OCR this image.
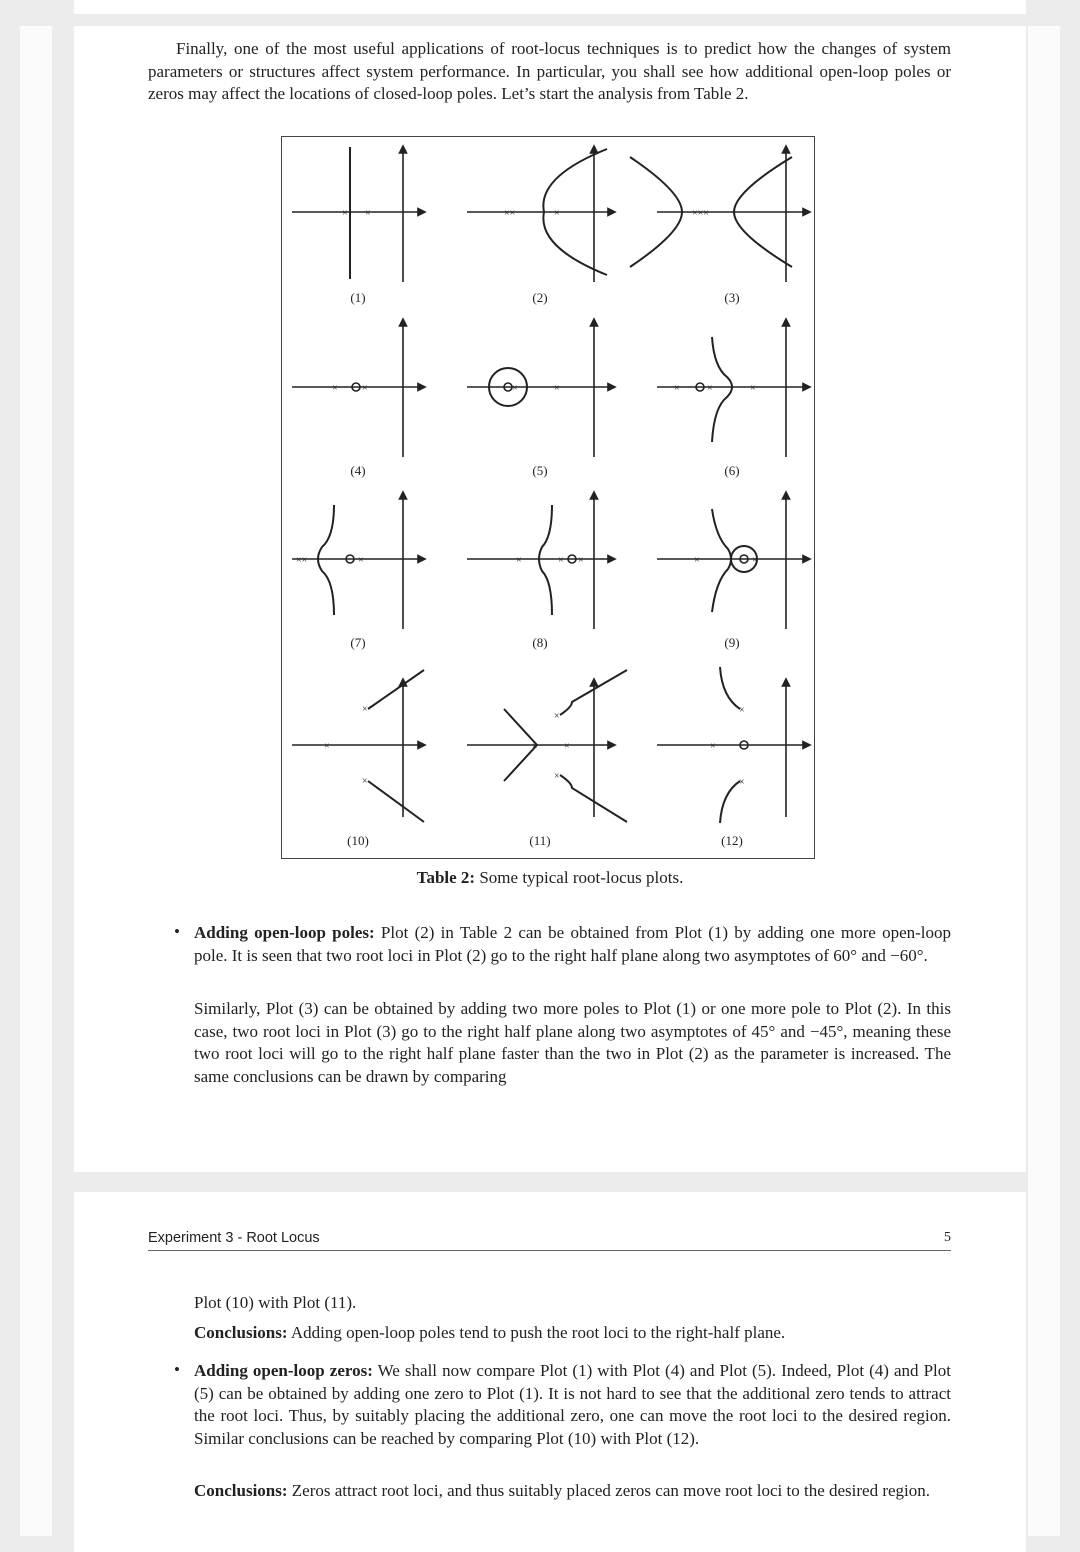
Finally, one of the most useful applications of root-locus techniques is to predict how the changes of system parameters or structures affect system performance. In particular, you shall see how additional open-loop poles or zeros may affect the locations of closed-loop poles. Let’s start the analysis from Table 2.

× ×	××	×	×××
(1)	(2)	(3)
× ×	×	×	×	×	×
(4)	(5)	(6)
××	×	×	× ×	×	×
(7)	(8)	(9)
×
×
×
×	×
×
×
×
×
×
(10)	(11)	(12)
Table 2: Some typical root-locus plots.
• Adding open-loop poles: Plot (2) in Table 2 can be obtained from Plot (1) by adding one more open-loop pole. It is seen that two root loci in Plot (2) go to the right half plane along two asymptotes of 60° and −60°.

Similarly, Plot (3) can be obtained by adding two more poles to Plot (1) or one more pole to Plot (2). In this case, two root loci in Plot (3) go to the right half plane along two asymptotes of 45° and −45°, meaning these two root loci will go to the right half plane faster than the two in Plot (2) as the parameter is increased. The same conclusions can be drawn by comparing

Experiment 3 - Root Locus	5

Plot (10) with Plot (11).

Conclusions: Adding open-loop poles tend to push the root loci to the right-half plane.

• Adding open-loop zeros: We shall now compare Plot (1) with Plot (4) and Plot (5). Indeed, Plot (4) and Plot (5) can be obtained by adding one zero to Plot (1). It is not hard to see that the additional zero tends to attract the root loci. Thus, by suitably placing the additional zero, one can move the root loci to the desired region. Similar conclusions can be reached by comparing Plot (10) with Plot (12).

Conclusions: Zeros attract root loci, and thus suitably placed zeros can move root loci to the desired region.
